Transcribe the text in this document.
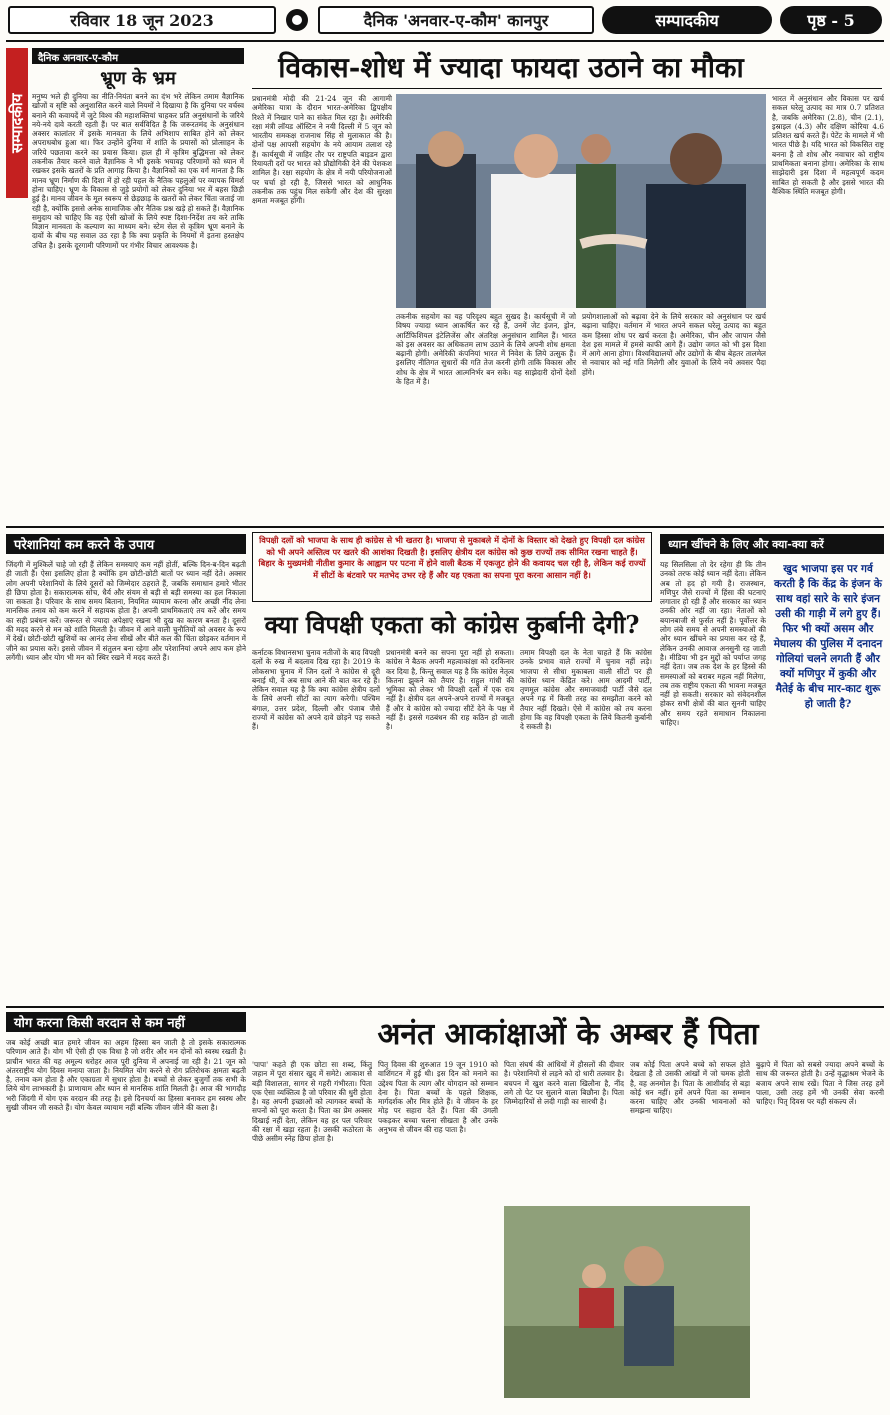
रविवार 18 जून 2023	दैनिक 'अनवार-ए-कौम' कानपुर	सम्पादकीय	पृष्ठ - 5
सम्पादकीय
दैनिक अनवार-ए-कौम
भ्रूण के भ्रम
मनुष्य भले ही दुनिया का नीति-नियंता बनने का दंभ भरे लेकिन तमाम वैज्ञानिक खोजों व सृष्टि को अनुशासित करने वाले नियमों ने दिखाया है कि दुनिया पर वर्चस्व बनाने की कवायदें में जुटे विश्व की महाशक्तियां चाहकर प्रति अनुसंधानों के जरिये नये-नये दावे करती रहती हैं। पर बात सर्वविदित है कि जरूरतमंद के अनुसंधान अक्सर कालांतर में इसके मानवता के लिये अभिशाप साबित होने को लेकर अपराधबोध हुआ था। फिर उन्होंने दुनिया में शांति के प्रयासों को प्रोत्साहन के जरिये पछतावा करने का प्रयास किया। हाल ही में कृत्रिम बुद्धिमत्ता को लेकर तकनीक तैयार करने वाले वैज्ञानिक ने भी इसके भयावह परिणामों को ध्यान में रखकर इसके खतरों के प्रति आगाह किया है। वैज्ञानिकों का एक वर्ग मानता है कि मानव भ्रूण निर्माण की दिशा में हो रही पहल के नैतिक पहलुओं पर व्यापक विमर्श होना चाहिए। भ्रूण के विकास से जुड़े प्रयोगों को लेकर दुनिया भर में बहस छिड़ी हुई है। मानव जीवन के मूल स्वरूप से छेड़छाड़ के खतरों को लेकर चिंता जताई जा रही है, क्योंकि इससे अनेक सामाजिक और नैतिक प्रश्न खड़े हो सकते हैं। वैज्ञानिक समुदाय को चाहिए कि वह ऐसी खोजों के लिये स्पष्ट दिशा-निर्देश तय करे ताकि विज्ञान मानवता के कल्याण का माध्यम बने। स्टेम सेल से कृत्रिम भ्रूण बनाने के दावों के बीच यह सवाल उठ रहा है कि क्या प्रकृति के नियमों में इतना हस्तक्षेप उचित है। इसके दूरगामी परिणामों पर गंभीर विचार आवश्यक है।
विकास-शोध में ज्यादा फायदा उठाने का मौका
प्रधानमंत्री मोदी की 21-24 जून की आगामी अमेरिका यात्रा के दौरान भारत-अमेरिका द्विपक्षीय रिश्ते में निखार पाने का संकेत मिल रहा है। अमेरिकी रक्षा मंत्री लॉयड ऑस्टिन ने नयी दिल्ली में 5 जून को भारतीय समकक्ष राजनाथ सिंह से मुलाकात की है। दोनों पक्ष आपसी सहयोग के नये आयाम तलाश रहे हैं। कार्यसूची में जाहिर तौर पर राष्ट्रपति बाइडन द्वारा रियायती दरों पर भारत को प्रौद्योगिकी देने की पेशकश शामिल है। रक्षा सहयोग के क्षेत्र में नयी परियोजनाओं पर चर्चा हो रही है, जिससे भारत को आधुनिक तकनीक तक पहुंच मिल सकेगी और देश की सुरक्षा क्षमता मजबूत होगी।
तकनीक सहयोग का यह परिदृश्य बहुत सुखद है। कार्यसूची में जो विषय ज्यादा ध्यान आकर्षित कर रहे हैं, उनमें जेट इंजन, ड्रोन, आर्टिफिशियल इंटेलिजेंस और अंतरिक्ष अनुसंधान शामिल हैं। भारत को इस अवसर का अधिकतम लाभ उठाने के लिये अपनी शोध क्षमता बढ़ानी होगी। अमेरिकी कंपनियां भारत में निवेश के लिये उत्सुक हैं। इसलिए नीतिगत सुधारों की गति तेज करनी होगी ताकि विकास और शोध के क्षेत्र में भारत आत्मनिर्भर बन सके। यह साझेदारी दोनों देशों के हित में है।
प्रयोगशालाओं को बढ़ावा देने के लिये सरकार को अनुसंधान पर खर्च बढ़ाना चाहिए। वर्तमान में भारत अपने सकल घरेलू उत्पाद का बहुत कम हिस्सा शोध पर खर्च करता है। अमेरिका, चीन और जापान जैसे देश इस मामले में हमसे काफी आगे हैं। उद्योग जगत को भी इस दिशा में आगे आना होगा। विश्वविद्यालयों और उद्योगों के बीच बेहतर तालमेल से नवाचार को नई गति मिलेगी और युवाओं के लिये नये अवसर पैदा होंगे।
भारत में अनुसंधान और विकास पर खर्च सकल घरेलू उत्पाद का मात्र 0.7 प्रतिशत है, जबकि अमेरिका (2.8), चीन (2.1), इस्राइल (4.3) और दक्षिण कोरिया 4.6 प्रतिशत खर्च करते हैं। पेटेंट के मामले में भी भारत पीछे है। यदि भारत को विकसित राष्ट्र बनना है तो शोध और नवाचार को राष्ट्रीय प्राथमिकता बनाना होगा। अमेरिका के साथ साझेदारी इस दिशा में महत्वपूर्ण कदम साबित हो सकती है और इससे भारत की वैश्विक स्थिति मजबूत होगी।
परेशानियां कम करने के उपाय
जिंदगी में मुश्किलें चाहे जो रही हैं लेकिन समस्याएं कम नहीं होतीं, बल्कि दिन-ब-दिन बढ़ती ही जाती हैं। ऐसा इसलिए होता है क्योंकि हम छोटी-छोटी बातों पर ध्यान नहीं देते। अक्सर लोग अपनी परेशानियों के लिये दूसरों को जिम्मेदार ठहराते हैं, जबकि समाधान हमारे भीतर ही छिपा होता है। सकारात्मक सोच, धैर्य और संयम से बड़ी से बड़ी समस्या का हल निकाला जा सकता है। परिवार के साथ समय बिताना, नियमित व्यायाम करना और अच्छी नींद लेना मानसिक तनाव को कम करने में सहायक होता है। अपनी प्राथमिकताएं तय करें और समय का सही प्रबंधन करें। जरूरत से ज्यादा अपेक्षाएं रखना भी दुख का कारण बनता है। दूसरों की मदद करने से मन को शांति मिलती है। जीवन में आने वाली चुनौतियों को अवसर के रूप में देखें। छोटी-छोटी खुशियों का आनंद लेना सीखें और बीते कल की चिंता छोड़कर वर्तमान में जीने का प्रयास करें। इससे जीवन में संतुलन बना रहेगा और परेशानियां अपने आप कम होने लगेंगी। ध्यान और योग भी मन को स्थिर रखने में मदद करते हैं।
विपक्षी दलों को भाजपा के साथ ही कांग्रेस से भी खतरा है। भाजपा से मुकाबले में दोनों के विस्तार को देखते हुए विपक्षी दल कांग्रेस को भी अपने अस्तित्व पर खतरे की आशंका दिखती है। इसलिए क्षेत्रीय दल कांग्रेस को कुछ राज्यों तक सीमित रखना चाहते हैं। बिहार के मुख्यमंत्री नीतीश कुमार के आह्वान पर पटना में होने वाली बैठक में एकजुट होने की कवायद चल रही है, लेकिन कई राज्यों में सीटों के बंटवारे पर मतभेद उभर रहे हैं और यह एकता का सपना पूरा करना आसान नहीं है।
क्या विपक्षी एकता को कांग्रेस कुर्बानी देगी?
कर्नाटक विधानसभा चुनाव नतीजों के बाद विपक्षी दलों के रुख में बदलाव दिख रहा है। 2019 के लोकसभा चुनाव में जिन दलों ने कांग्रेस से दूरी बनाई थी, वे अब साथ आने की बात कर रहे हैं। लेकिन सवाल यह है कि क्या कांग्रेस क्षेत्रीय दलों के लिये अपनी सीटों का त्याग करेगी। पश्चिम बंगाल, उत्तर प्रदेश, दिल्ली और पंजाब जैसे राज्यों में कांग्रेस को अपने दावे छोड़ने पड़ सकते हैं।
प्रधानमंत्री बनने का सपना पूरा नहीं हो सकता। कांग्रेस ने बैठक अपनी महत्वाकांक्षा को दरकिनार कर दिया है, किन्तु सवाल यह है कि कांग्रेस नेतृत्व कितना झुकने को तैयार है। राहुल गांधी की भूमिका को लेकर भी विपक्षी दलों में एक राय नहीं है। क्षेत्रीय दल अपने-अपने राज्यों में मजबूत हैं और वे कांग्रेस को ज्यादा सीटें देने के पक्ष में नहीं हैं। इससे गठबंधन की राह कठिन हो जाती है।
तमाम विपक्षी दल के नेता चाहते हैं कि कांग्रेस उनके प्रभाव वाले राज्यों में चुनाव नहीं लड़े। भाजपा से सीधा मुकाबला वाली सीटों पर ही कांग्रेस ध्यान केंद्रित करे। आम आदमी पार्टी, तृणमूल कांग्रेस और समाजवादी पार्टी जैसे दल अपने गढ़ में किसी तरह का समझौता करने को तैयार नहीं दिखते। ऐसे में कांग्रेस को तय करना होगा कि वह विपक्षी एकता के लिये कितनी कुर्बानी दे सकती है।
ध्यान खींचने के लिए और क्या-क्या करें
यह सिलसिला तो देर रहेगा ही कि तीन उनको तरफ कोई ध्यान नहीं देता। लेकिन अब तो हद हो गयी है। राजस्थान, मणिपुर जैसे राज्यों में हिंसा की घटनाएं लगातार हो रही हैं और सरकार का ध्यान उनकी ओर नहीं जा रहा। नेताओं को बयानबाजी से फुर्सत नहीं है। पूर्वोत्तर के लोग लंबे समय से अपनी समस्याओं की ओर ध्यान खींचने का प्रयास कर रहे हैं, लेकिन उनकी आवाज अनसुनी रह जाती है। मीडिया भी इन मुद्दों को पर्याप्त जगह नहीं देता। जब तक देश के हर हिस्से की समस्याओं को बराबर महत्व नहीं मिलेगा, तब तक राष्ट्रीय एकता की भावना मजबूत नहीं हो सकती। सरकार को संवेदनशील होकर सभी क्षेत्रों की बात सुननी चाहिए और समय रहते समाधान निकालना चाहिए।
खुद भाजपा इस पर गर्व करती है कि केंद्र के इंजन के साथ वहां सारे के सारे इंजन उसी की गाड़ी में लगे हुए हैं। फिर भी क्यों असम और मेघालय की पुलिस में दनादन गोलियां चलने लगती हैं और क्यों मणिपुर में कुकी और मैतेई के बीच मार-काट शुरू हो जाती है?
योग करना किसी वरदान से कम नहीं
जब कोई अच्छी बात हमारे जीवन का अहम हिस्सा बन जाती है तो इसके सकारात्मक परिणाम आते हैं। योग भी ऐसी ही एक विधा है जो शरीर और मन दोनों को स्वस्थ रखती है। प्राचीन भारत की यह अमूल्य धरोहर आज पूरी दुनिया में अपनाई जा रही है। 21 जून को अंतरराष्ट्रीय योग दिवस मनाया जाता है। नियमित योग करने से रोग प्रतिरोधक क्षमता बढ़ती है, तनाव कम होता है और एकाग्रता में सुधार होता है। बच्चों से लेकर बुजुर्गों तक सभी के लिये योग लाभकारी है। प्राणायाम और ध्यान से मानसिक शांति मिलती है। आज की भागदौड़ भरी जिंदगी में योग एक वरदान की तरह है। इसे दिनचर्या का हिस्सा बनाकर हम स्वस्थ और सुखी जीवन जी सकते हैं। योग केवल व्यायाम नहीं बल्कि जीवन जीने की कला है।
अनंत आकांक्षाओं के अम्बर हैं पिता
'पापा' कहते ही एक छोटा सा शब्द, किंतु जहान में पूरा संसार खुद में समेटे। आकाश से बड़ी विशालता, सागर से गहरी गंभीरता। पिता एक ऐसा व्यक्तित्व है जो परिवार की धुरी होता है। वह अपनी इच्छाओं को त्यागकर बच्चों के सपनों को पूरा करता है। पिता का प्रेम अक्सर दिखाई नहीं देता, लेकिन वह हर पल परिवार की रक्षा में खड़ा रहता है। उसकी कठोरता के पीछे असीम स्नेह छिपा होता है।
पितृ दिवस की शुरुआत 19 जून 1910 को वाशिंगटन में हुई थी। इस दिन को मनाने का उद्देश्य पिता के त्याग और योगदान को सम्मान देना है। पिता बच्चों के पहले शिक्षक, मार्गदर्शक और मित्र होते हैं। वे जीवन के हर मोड़ पर सहारा देते हैं। पिता की उंगली पकड़कर बच्चा चलना सीखता है और उनके अनुभव से जीवन की राह पाता है।
पिता संघर्ष की आंधियों में हौसलों की दीवार है। परेशानियों से लड़ने को दो धारी तलवार है। बचपन में खुश करने वाला खिलौना है, नींद लगे तो पेट पर सुलाने वाला बिछौना है। पिता जिम्मेदारियों से लदी गाड़ी का सारथी है।
जब कोई पिता अपने बच्चे को सफल होते देखता है तो उसकी आंखों में जो चमक होती है, वह अनमोल है। पिता के आशीर्वाद से बड़ा कोई धन नहीं। हमें अपने पिता का सम्मान करना चाहिए और उनकी भावनाओं को समझना चाहिए।
बुढ़ापे में पिता को सबसे ज्यादा अपने बच्चों के साथ की जरूरत होती है। उन्हें वृद्धाश्रम भेजने के बजाय अपने साथ रखें। पिता ने जिस तरह हमें पाला, उसी तरह हमें भी उनकी सेवा करनी चाहिए। पितृ दिवस पर यही संकल्प लें।
